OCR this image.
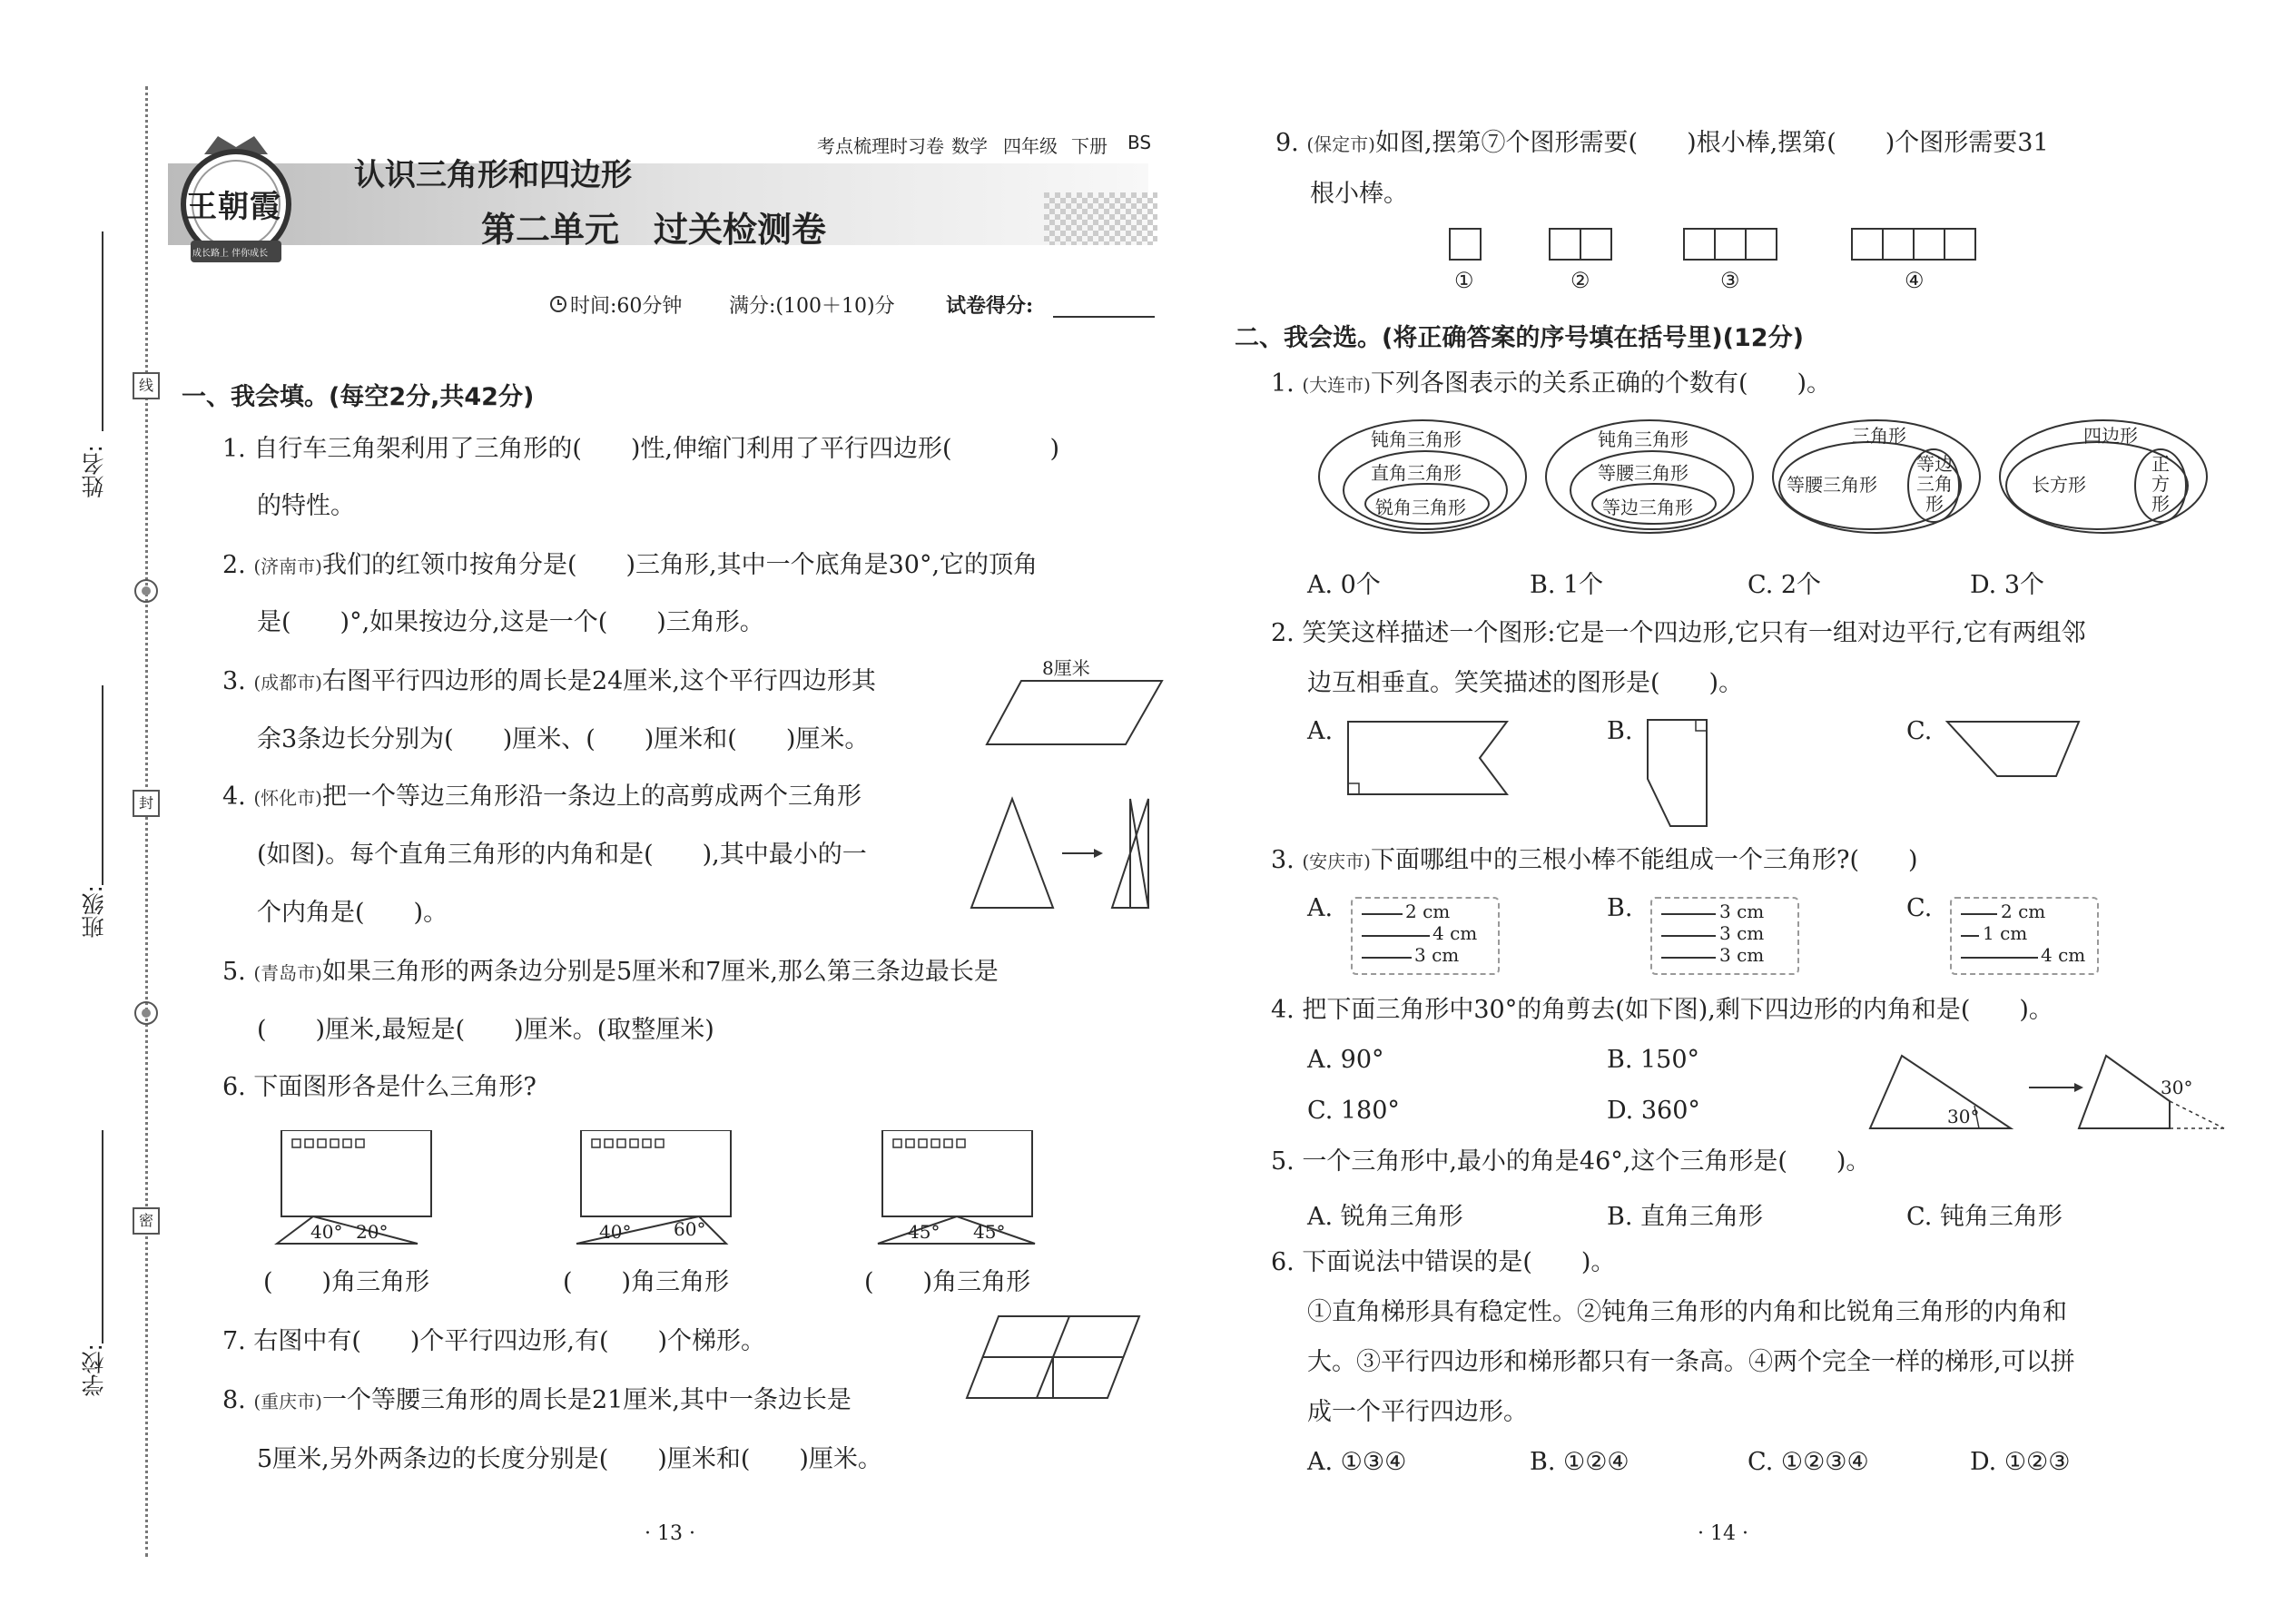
姓名:
班级:
学校:
线
封
密
王朝霞
成长路上 伴你成长
考点梳理时习卷 数学 四年级 下册 BS
认识三角形和四边形
第二单元　过关检测卷
时间:60分钟 满分:(100＋10)分	试卷得分:
一、我会填。(每空2分,共42分)
1. 自行车三角架利用了三角形的(　　)性,伸缩门利用了平行四边形(　　　　)
的特性。
2. (济南市)我们的红领巾按角分是(　　)三角形,其中一个底角是30°,它的顶角
是(　　)°,如果按边分,这是一个(　　)三角形。
3. (成都市)右图平行四边形的周长是24厘米,这个平行四边形其
余3条边长分别为(　　)厘米、(　　)厘米和(　　)厘米。
8厘米
4. (怀化市)把一个等边三角形沿一条边上的高剪成两个三角形
(如图)。每个直角三角形的内角和是(　　),其中最小的一
个内角是(　　)。
5. (青岛市)如果三角形的两条边分别是5厘米和7厘米,那么第三条边最长是
(　　)厘米,最短是(　　)厘米。(取整厘米)
6. 下面图形各是什么三角形?
40° 20°
(　　)角三角形
40° 60°
(　　)角三角形
45° 45°
(　　)角三角形
7. 右图中有(　　)个平行四边形,有(　　)个梯形。
8. (重庆市)一个等腰三角形的周长是21厘米,其中一条边长是
5厘米,另外两条边的长度分别是(　　)厘米和(　　)厘米。
· 13 ·
9. (保定市)如图,摆第⑦个图形需要(　　)根小棒,摆第(　　)个图形需要31
根小棒。
①	②	③	④
二、我会选。(将正确答案的序号填在括号里)(12分)
1. (大连市)下列各图表示的关系正确的个数有(　　)。
钝角三角形
直角三角形
锐角三角形
钝角三角形
等腰三角形
等边三角形
三角形
等腰三角形
等边三角形
四边形
长方形
正方形
A. 0个	B. 1个	C. 2个	D. 3个
2. 笑笑这样描述一个图形:它是一个四边形,它只有一组对边平行,它有两组邻
边互相垂直。笑笑描述的图形是(　　)。
A.	B.	C.
3. (安庆市)下面哪组中的三根小棒不能组成一个三角形?(　　)
A.	2 cm
4 cm
3 cm
B.	3 cm
3 cm
3 cm
C.	2 cm
1 cm
4 cm
4. 把下面三角形中30°的角剪去(如下图),剩下四边形的内角和是(　　)。
A. 90°	B. 150°
C. 180°	D. 360°	30°
30°
5. 一个三角形中,最小的角是46°,这个三角形是(　　)。
A. 锐角三角形	B. 直角三角形	C. 钝角三角形
6. 下面说法中错误的是(　　)。
①直角梯形具有稳定性。②钝角三角形的内角和比锐角三角形的内角和
大。③平行四边形和梯形都只有一条高。④两个完全一样的梯形,可以拼
成一个平行四边形。
A. ①③④	B. ①②④	C. ①②③④	D. ①②③
· 14 ·
